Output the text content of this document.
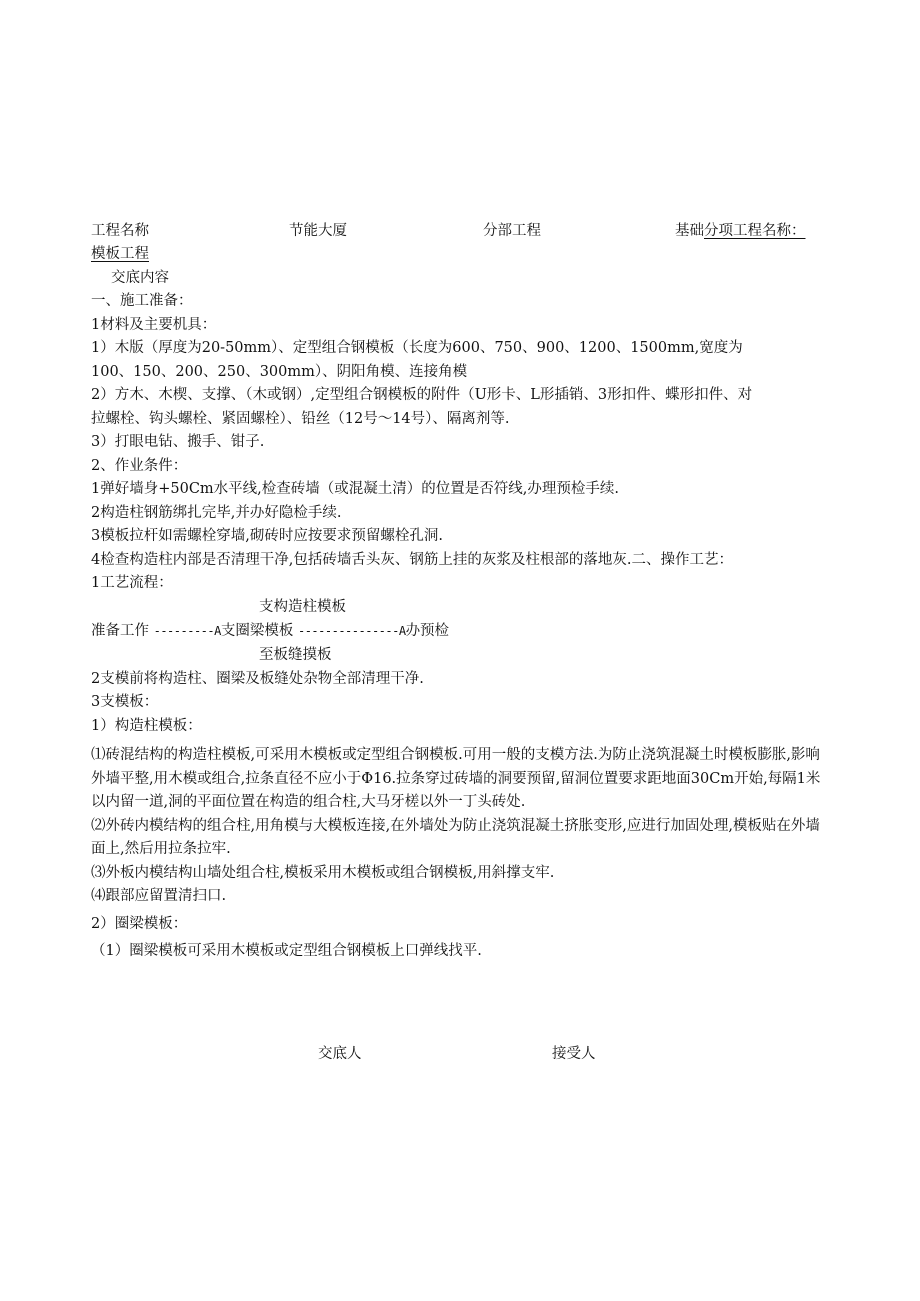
工程名称	节能大厦	分部工程	基础分项工程名称：
模板工程
交底内容
一、施工准备：
1材料及主要机具：
1）木版（厚度为20-50mm）、定型组合钢模板（长度为600、750、900、1200、1500mm,宽度为
100、150、200、250、300mm）、阴阳角模、连接角模
2）方木、木楔、支撑、（木或钢）,定型组合钢模板的附件（U形卡、L形插销、3形扣件、蝶形扣件、对
拉螺栓、钩头螺栓、紧固螺栓）、铅丝（12号～14号）、隔离剂等.
3）打眼电钻、搬手、钳子.
2、作业条件：
1弹好墙身+50Cm水平线,检查砖墙（或混凝土清）的位置是否符线,办理预检手续.
2构造柱钢筋绑扎完毕,并办好隐检手续.
3模板拉杆如需螺栓穿墙,砌砖时应按要求预留螺栓孔洞.
4检查构造柱内部是否清理干净,包括砖墙舌头灰、钢筋上挂的灰浆及柱根部的落地灰.二、操作工艺：
1工艺流程：
支构造柱模板
准备工作 ---------A支圈梁模板 ---------------A办预检
至板缝摸板
2支模前将构造柱、圈梁及板缝处杂物全部清理干净.
3支模板：
1）构造柱模板：
⑴砖混结构的构造柱模板,可采用木模板或定型组合钢模板.可用一般的支模方法.为防止浇筑混凝土时模板膨胀,影响外墙平整,用木模或组合,拉条直径不应小于Φ16.拉条穿过砖墙的洞要预留,留洞位置要求距地面30Cm开始,每隔1米以内留一道,洞的平面位置在构造的组合柱,大马牙槎以外一丁头砖处.
⑵外砖内模结构的组合柱,用角模与大模板连接,在外墙处为防止浇筑混凝土挤胀变形,应进行加固处理,模板贴在外墙面上,然后用拉条拉牢.
⑶外板内模结构山墙处组合柱,模板采用木模板或组合钢模板,用斜撑支牢.
⑷跟部应留置清扫口.
2）圈梁模板：
（1）圈梁模板可采用木模板或定型组合钢模板上口弹线找平.
交底人	接受人
